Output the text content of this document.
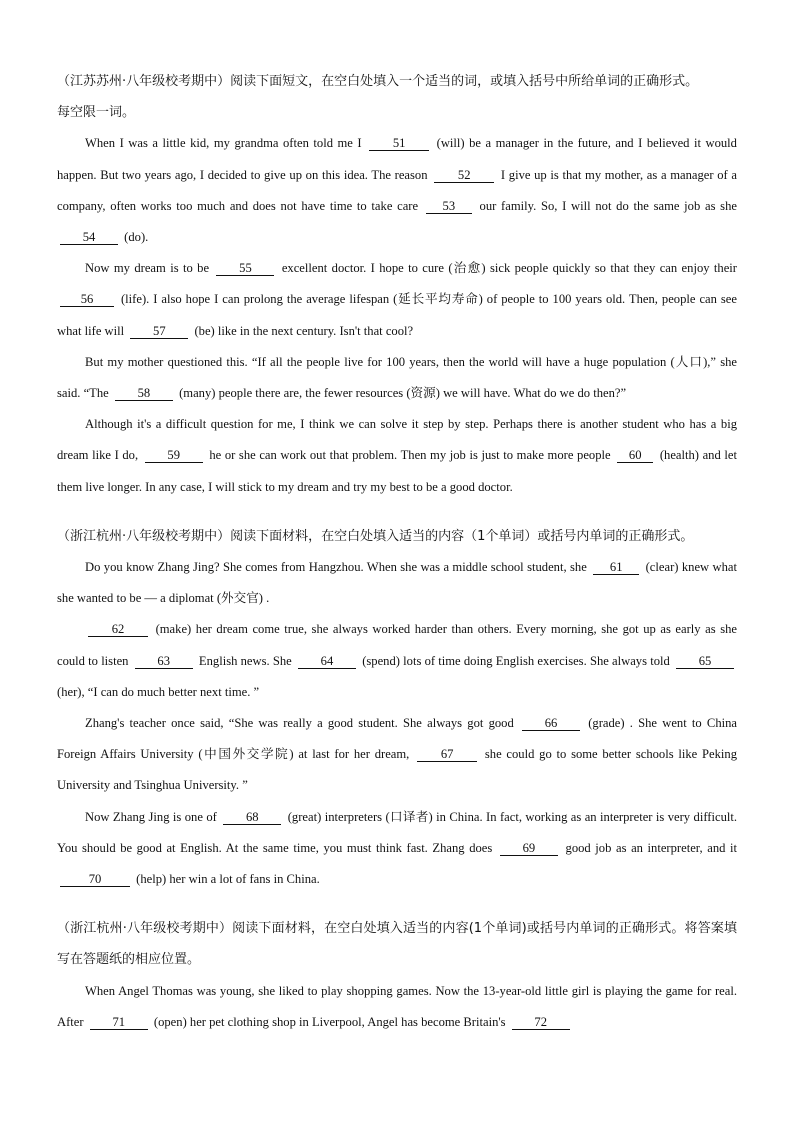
（江苏苏州·八年级校考期中）阅读下面短文，在空白处填入一个适当的词，或填入括号中所给单词的正确形式。
每空限一词。

When I was a little kid, my grandma often told me I 51 (will) be a manager in the future, and I believed it would happen. But two years ago, I decided to give up on this idea. The reason 52 I give up is that my mother, as a manager of a company, often works too much and does not have time to take care 53 our family. So, I will not do the same job as she 54 (do).

Now my dream is to be 55 excellent doctor. I hope to cure (治愈) sick people quickly so that they can enjoy their 56 (life). I also hope I can prolong the average lifespan (延长平均寿命) of people to 100 years old. Then, people can see what life will 57 (be) like in the next century. Isn't that cool?

But my mother questioned this. “If all the people live for 100 years, then the world will have a huge population (人口),” she said. “The 58 (many) people there are, the fewer resources (资源) we will have. What do we do then?”

Although it's a difficult question for me, I think we can solve it step by step. Perhaps there is another student who has a big dream like I do, 59 he or she can work out that problem. Then my job is just to make more people 60 (health) and let them live longer. In any case, I will stick to my dream and try my best to be a good doctor.

（浙江杭州·八年级校考期中）阅读下面材料，在空白处填入适当的内容（1个单词）或括号内单词的正确形式。

Do you know Zhang Jing? She comes from Hangzhou. When she was a middle school student, she 61 (clear) knew what she wanted to be — a diplomat (外交官) .

62 (make) her dream come true, she always worked harder than others. Every morning, she got up as early as she could to listen 63 English news. She 64 (spend) lots of time doing English exercises. She always told 65 (her), “I can do much better next time. ”

Zhang's teacher once said, “She was really a good student. She always got good 66 (grade) . She went to China Foreign Affairs University (中国外交学院) at last for her dream, 67 she could go to some better schools like Peking University and Tsinghua University. ”

Now Zhang Jing is one of 68 (great) interpreters (口译者) in China. In fact, working as an interpreter is very difficult. You should be good at English. At the same time, you must think fast. Zhang does 69 good job as an interpreter, and it 70	(help) her win a lot of fans in China.

（浙江杭州·八年级校考期中）阅读下面材料，在空白处填入适当的内容(1个单词)或括号内单词的正确形式。将答案填写在答题纸的相应位置。

When Angel Thomas was young, she liked to play shopping games. Now the 13-year-old little girl is playing the game for real. After 71 (open) her pet clothing shop in Liverpool, Angel has become Britain's 72
